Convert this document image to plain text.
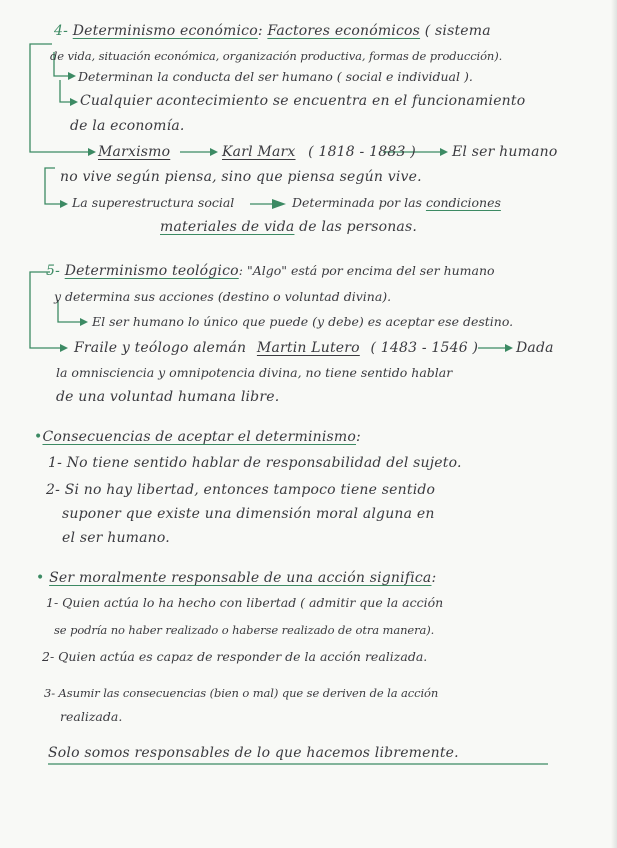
4- Determinismo económico: Factores económicos ( sistema
de vida, situación económica, organización productiva, formas de producción).
Determinan la conducta del ser humano ( social e individual ).
Cualquier acontecimiento se encuentra en el funcionamiento
de la economía.
Marxismo	Karl Marx ( 1818 - 1883 )	El ser humano
no vive según piensa, sino que piensa según vive.
La superestructura social	Determinada por las condiciones
materiales de vida de las personas.
5- Determinismo teológico: "Algo" está por encima del ser humano
y determina sus acciones (destino o voluntad divina).
El ser humano lo único que puede (y debe) es aceptar ese destino.
Fraile y teólogo alemán Martin Lutero ( 1483 - 1546 )	Dada
la omnisciencia y omnipotencia divina, no tiene sentido hablar
de una voluntad humana libre.
•Consecuencias de aceptar el determinismo:
1- No tiene sentido hablar de responsabilidad del sujeto.
2- Si no hay libertad, entonces tampoco tiene sentido
suponer que existe una dimensión moral alguna en
el ser humano.
• Ser moralmente responsable de una acción significa:
1- Quien actúa lo ha hecho con libertad ( admitir que la acción
se podría no haber realizado o haberse realizado de otra manera).
2- Quien actúa es capaz de responder de la acción realizada.
3- Asumir las consecuencias (bien o mal) que se deriven de la acción
realizada.
Solo somos responsables de lo que hacemos libremente.
